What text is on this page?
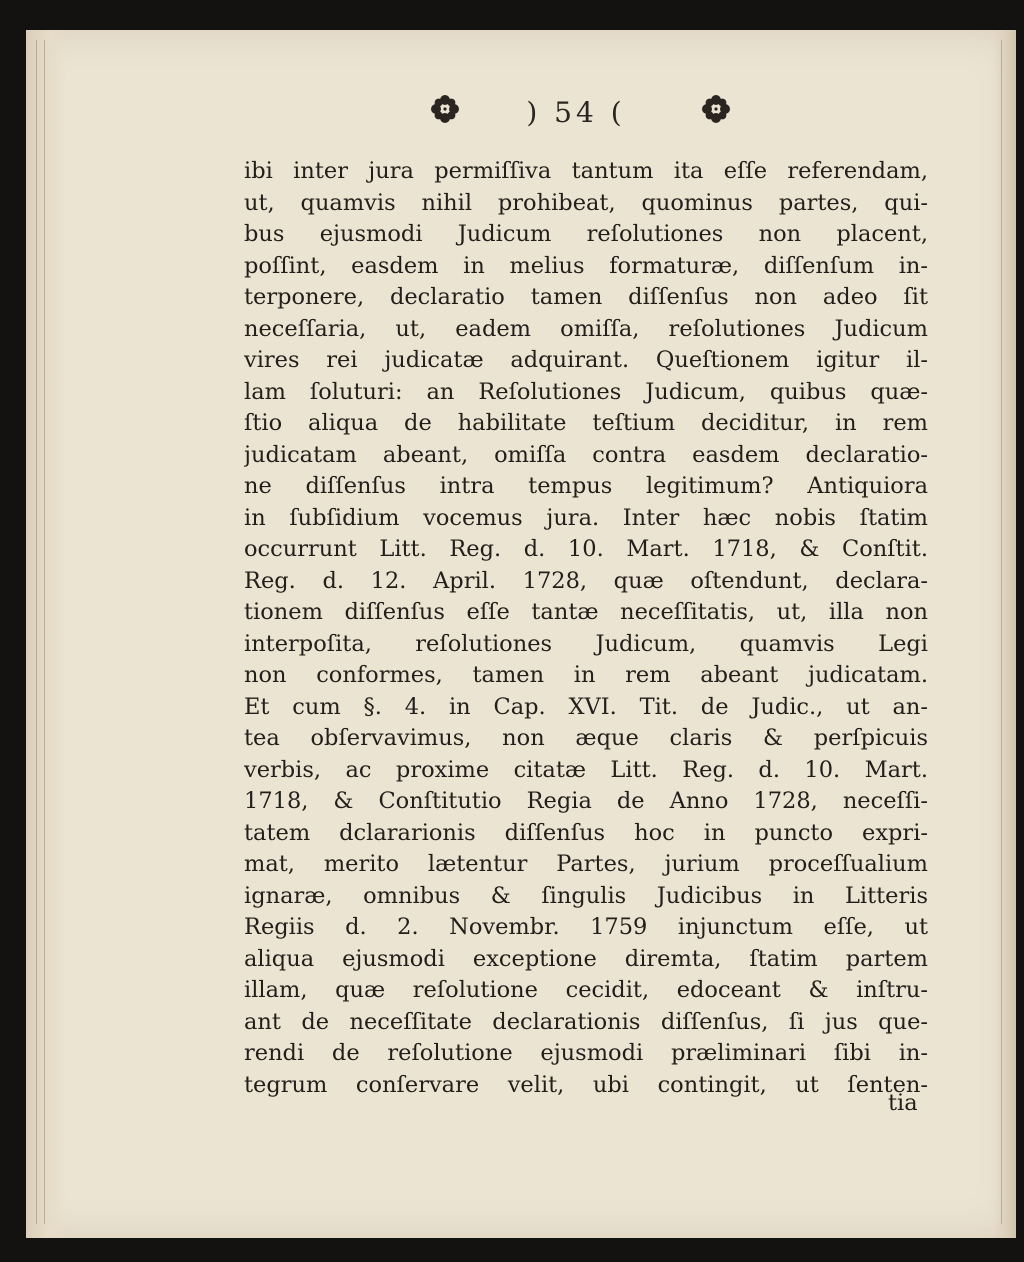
) 54 (
ibi inter jura permiſſiva tantum ita eſſe referendam,
ut, quamvis nihil prohibeat, quominus partes, qui-
bus ejusmodi Judicum reſolutiones non placent,
poſſint, easdem in melius formaturæ, diſſenſum in-
terponere, declaratio tamen diſſenſus non adeo ſit
neceſſaria, ut, eadem omiſſa, reſolutiones Judicum
vires rei judicatæ adquirant. Queſtionem igitur il-
lam ſoluturi: an Reſolutiones Judicum, quibus quæ-
ſtio aliqua de habilitate teſtium deciditur, in rem
judicatam abeant, omiſſa contra easdem declaratio-
ne diſſenſus intra tempus legitimum? Antiquiora
in ſubſidium vocemus jura. Inter hæc nobis ſtatim
occurrunt Litt. Reg. d. 10. Mart. 1718, & Conſtit.
Reg. d. 12. April. 1728, quæ oſtendunt, declara-
tionem diſſenſus eſſe tantæ neceſſitatis, ut, illa non
interpoſita, reſolutiones Judicum, quamvis Legi
non conformes, tamen in rem abeant judicatam.
Et cum §. 4. in Cap. XVI. Tit. de Judic., ut an-
tea obſervavimus, non æque claris & perſpicuis
verbis, ac proxime citatæ Litt. Reg. d. 10. Mart.
1718, & Conſtitutio Regia de Anno 1728, neceſſi-
tatem dclararionis diſſenſus hoc in puncto expri-
mat, merito lætentur Partes, jurium proceſſualium
ignaræ, omnibus & ſingulis Judicibus in Litteris
Regiis d. 2. Novembr. 1759 injunctum eſſe, ut
aliqua ejusmodi exceptione diremta, ſtatim partem
illam, quæ reſolutione cecidit, edoceant & inſtru-
ant de neceſſitate declarationis diſſenſus, ſi jus que-
rendi de reſolutione ejusmodi præliminari ſibi in-
tegrum conſervare velit, ubi contingit, ut ſenten-
tia
